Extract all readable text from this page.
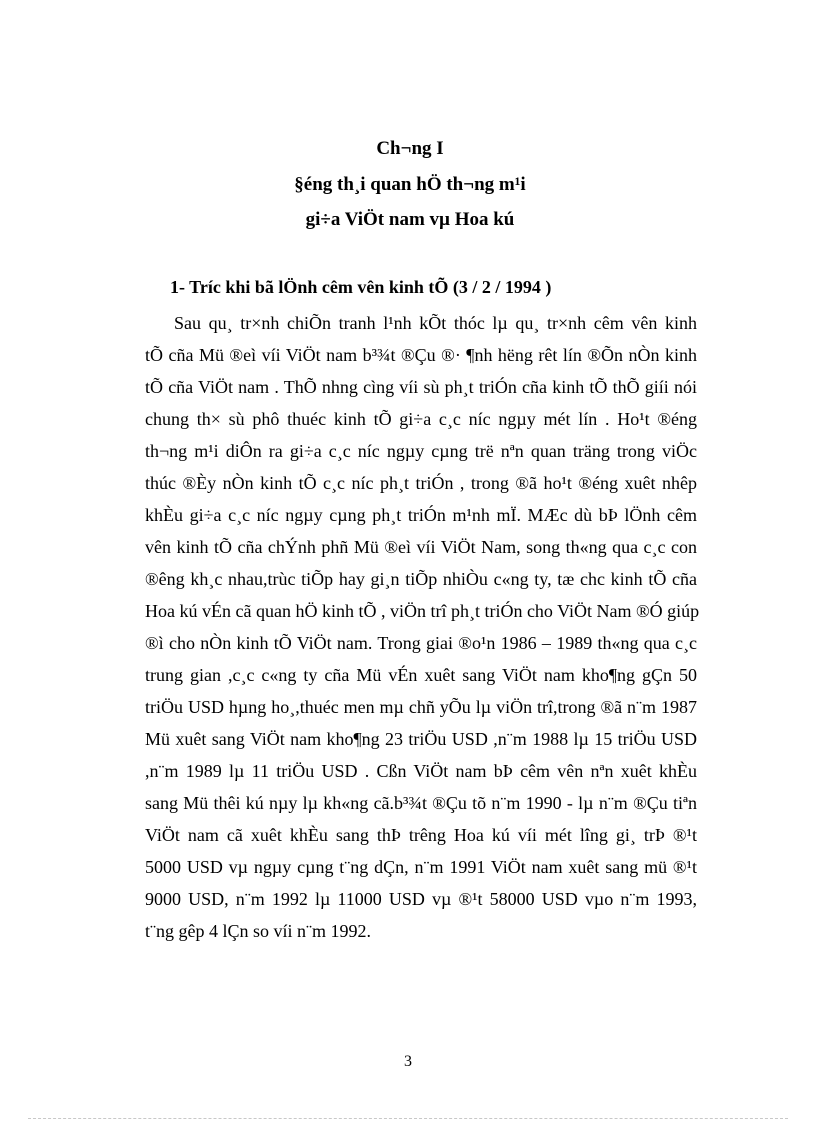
Ch¬ng I
§éng th¸i quan hÖ th¬ng m¹i
gi÷a ViÖt nam vµ Hoa kú
1- Tríc khi bã lÖnh cêm vên kinh tÕ (3 / 2 / 1994 )
Sau qu¸ tr×nh chiÕn tranh l¹nh kÕt thóc lµ qu¸ tr×nh cêm vên kinh
tÕ cña Mü ®eì víi ViÖt nam b³¾t ®Çu ®· ¶nh hëng rêt lín ®Õn nÒn kinh
tÕ cña ViÖt nam . ThÕ nhng cìng víi sù ph¸t triÓn cña kinh tÕ thÕ giíi nói
chung th× sù phô thuéc kinh tÕ gi÷a c¸c níc ngµy mét lín . Ho¹t ®éng
th¬ng m¹i diÔn ra gi÷a c¸c níc ngµy cµng trë nªn quan träng trong viÖc
thúc ®Èy nÒn kinh tÕ c¸c níc ph¸t triÓn , trong ®ã ho¹t ®éng xuêt nhêp
khÈu gi÷a c¸c níc ngµy cµng ph¸t triÓn m¹nh mÏ. MÆc dù bÞ lÖnh cêm
vên kinh tÕ cña chÝnh phñ Mü ®eì víi ViÖt Nam, song th«ng qua c¸c con
®êng kh¸c nhau,trùc tiÕp hay gi¸n tiÕp nhiÒu c«ng ty, tæ chc kinh tÕ cña
Hoa kú vÉn cã quan hÖ kinh tÕ , viÖn trî ph¸t triÓn cho ViÖt Nam ®Ó giúp
®ì cho nÒn kinh tÕ ViÖt nam. Trong giai ®o¹n 1986 – 1989 th«ng qua c¸c
trung gian ,c¸c c«ng ty cña Mü vÉn xuêt sang ViÖt nam kho¶ng gÇn 50
triÖu USD hµng ho¸,thuéc men mµ chñ yÕu lµ viÖn trî,trong ®ã n¨m 1987
Mü xuêt sang ViÖt nam kho¶ng 23 triÖu USD ,n¨m 1988 lµ 15 triÖu USD
,n¨m 1989 lµ 11 triÖu USD . Cßn ViÖt nam bÞ cêm vên nªn xuêt khÈu
sang Mü thêi kú nµy lµ kh«ng cã.b³¾t ®Çu tõ n¨m 1990 - lµ n¨m ®Çu tiªn
ViÖt nam cã xuêt khÈu sang thÞ trêng Hoa kú víi mét lîng gi¸ trÞ ®¹t
5000 USD vµ ngµy cµng t¨ng dÇn, n¨m 1991 ViÖt nam xuêt sang mü ®¹t
9000 USD, n¨m 1992 lµ 11000 USD vµ ®¹t 58000 USD vµo n¨m 1993,
t¨ng gêp 4 lÇn so víi n¨m 1992.
3
